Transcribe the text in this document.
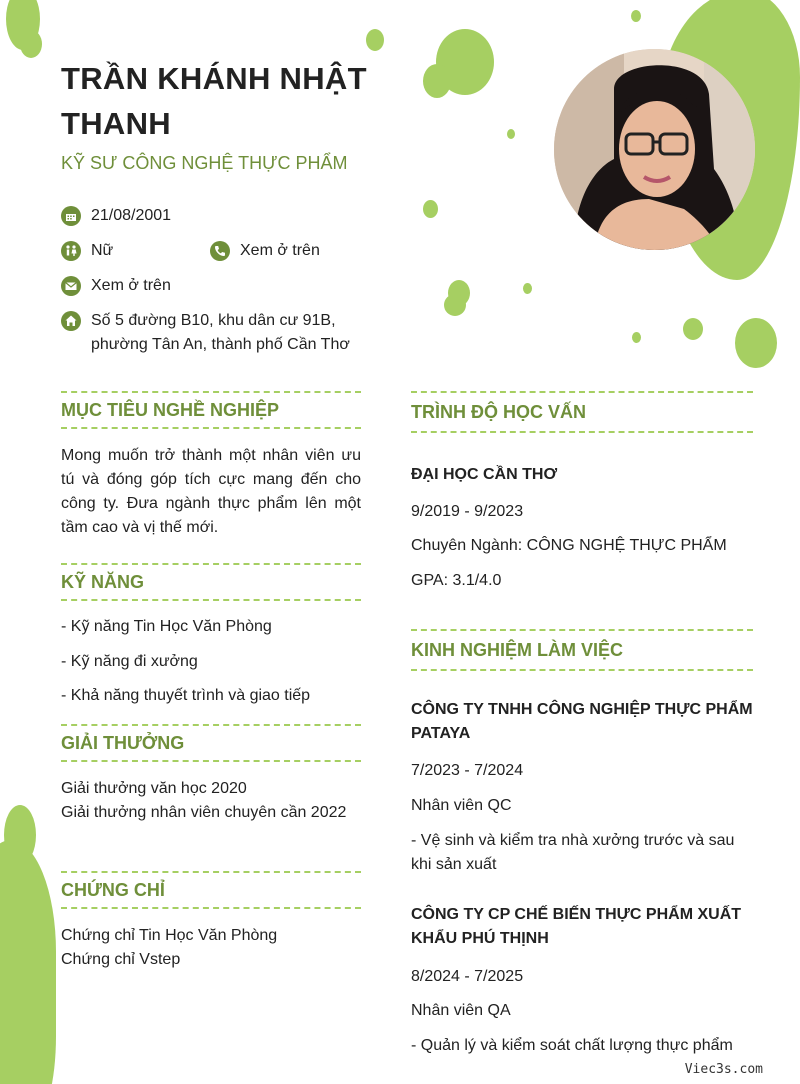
TRẦN KHÁNH NHẬT THANH
KỸ SƯ CÔNG NGHỆ THỰC PHẨM
21/08/2001
Nữ	Xem ở trên
Xem ở trên
Số 5 đường B10, khu dân cư 91B,
phường Tân An, thành phố Cần Thơ
MỤC TIÊU NGHỀ NGHIỆP
Mong muốn trở thành một nhân viên ưu tú và đóng góp tích cực mang đến cho công ty. Đưa ngành thực phẩm lên một tầm cao và vị thế mới.
KỸ NĂNG
- Kỹ năng Tin Học Văn Phòng
- Kỹ năng đi xưởng
- Khả năng thuyết trình và giao tiếp
GIẢI THƯỞNG
Giải thưởng văn học 2020
Giải thưởng nhân viên chuyên cần 2022
CHỨNG CHỈ
Chứng chỉ Tin Học Văn Phòng
Chứng chỉ Vstep
TRÌNH ĐỘ HỌC VẤN
ĐẠI HỌC CẦN THƠ
9/2019 - 9/2023
Chuyên Ngành: CÔNG NGHỆ THỰC PHẨM
GPA: 3.1/4.0
KINH NGHIỆM LÀM VIỆC
CÔNG TY TNHH CÔNG NGHIỆP THỰC PHẨM PATAYA
7/2023 - 7/2024
Nhân viên QC
- Vệ sinh và kiểm tra nhà xưởng trước và sau khi sản xuất
CÔNG TY CP CHẾ BIẾN THỰC PHẨM XUẤT KHẨU PHÚ THỊNH
8/2024 - 7/2025
Nhân viên QA
- Quản lý và kiểm soát chất lượng thực phẩm
Viec3s.com
